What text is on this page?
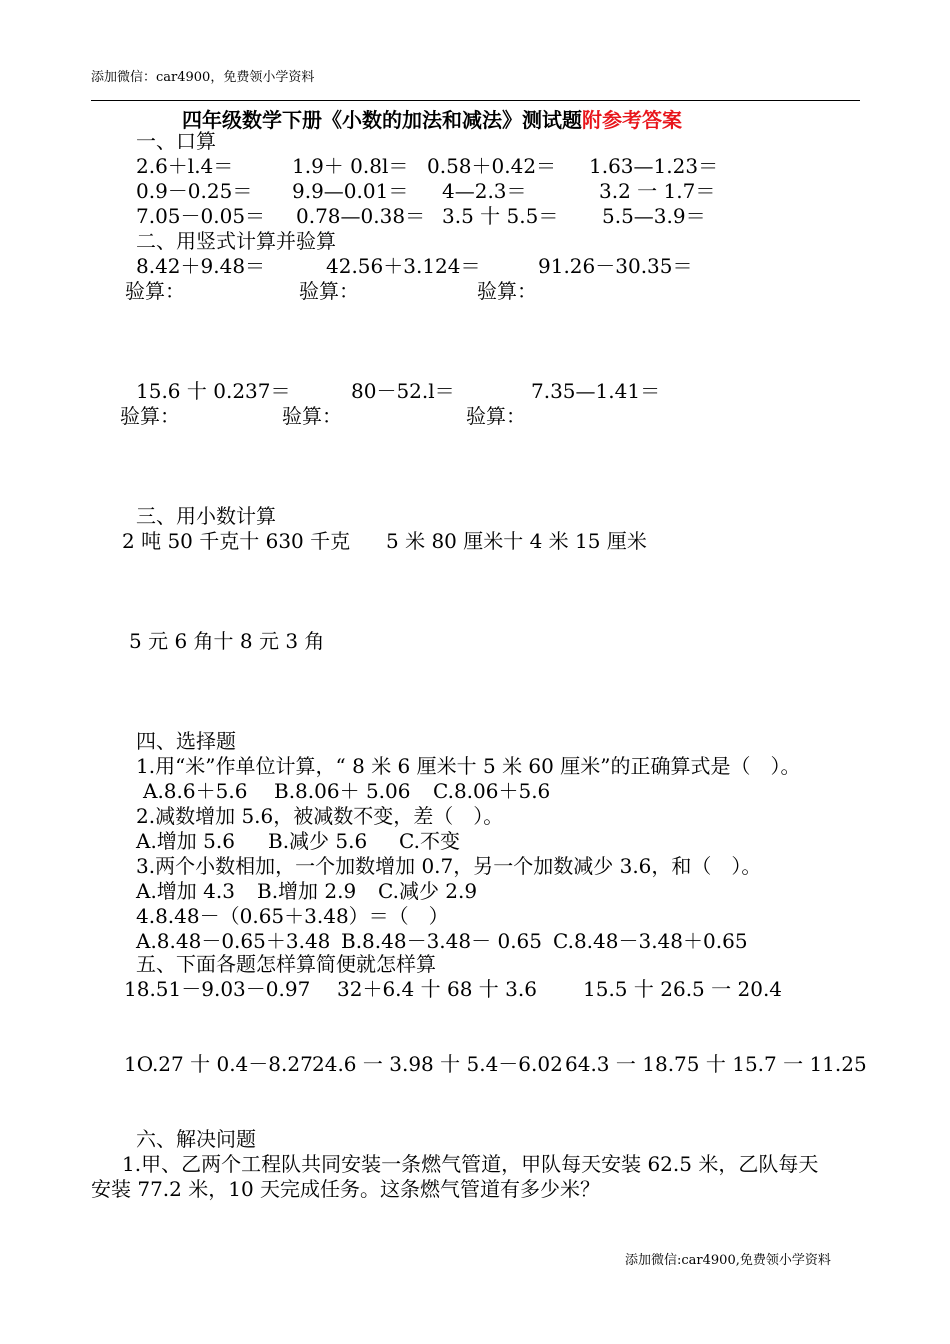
添加微信：car4900，免费领小学资料
四年级数学下册《小数的加法和减法》测试题附参考答案
一、口算
2.6＋l.4＝	1.9＋ 0.8l＝ 0.58＋0.42＝ 1.63—1.23＝
0.9－0.25＝ 9.9—0.01＝ 4—2.3＝	3.2 一 1.7＝
7.05－0.05＝ 0.78—0.38＝ 3.5 十 5.5＝ 5.5—3.9＝
二、用竖式计算并验算
8.42＋9.48＝	42.56＋3.124＝	91.26－30.35＝
验算：	验算：	验算：
15.6 十 0.237＝	80－52.l＝	7.35—1.41＝
验算：	验算：	验算：
三、用小数计算
2 吨 50 千克十 630 千克 5 米 80 厘米十 4 米 15 厘米
5 元 6 角十 8 元 3 角
四、选择题
1.用“米”作单位计算，“ 8 米 6 厘米十 5 米 60 厘米”的正确算式是（　）。
A.8.6＋5.6 B.8.06＋ 5.06 C.8.06＋5.6
2.减数增加 5.6，被减数不变，差（　）。
A.增加 5.6 B.减少 5.6 C.不变
3.两个小数相加，一个加数增加 0.7，另一个加数减少 3.6，和（　）。
A.增加 4.3 B.增加 2.9 C.减少 2.9
4.8.48－（0.65＋3.48）＝（　）
A.8.48－0.65＋3.48 B.8.48－3.48－ 0.65 C.8.48－3.48＋0.65
五、下面各题怎样算简便就怎样算
18.51－9.03－0.97 32＋6.4 十 68 十 3.6 15.5 十 26.5 一 20.4
1O.27 十 0.4－8.27 24.6 一 3.98 十 5.4－6.02 64.3 一 18.75 十 15.7 一 11.25
六、解决问题
1.甲、乙两个工程队共同安装一条燃气管道，甲队每天安装 62.5 米，乙队每天
安装 77.2 米，10 天完成任务。这条燃气管道有多少米？
添加微信:car4900,免费领小学资料
